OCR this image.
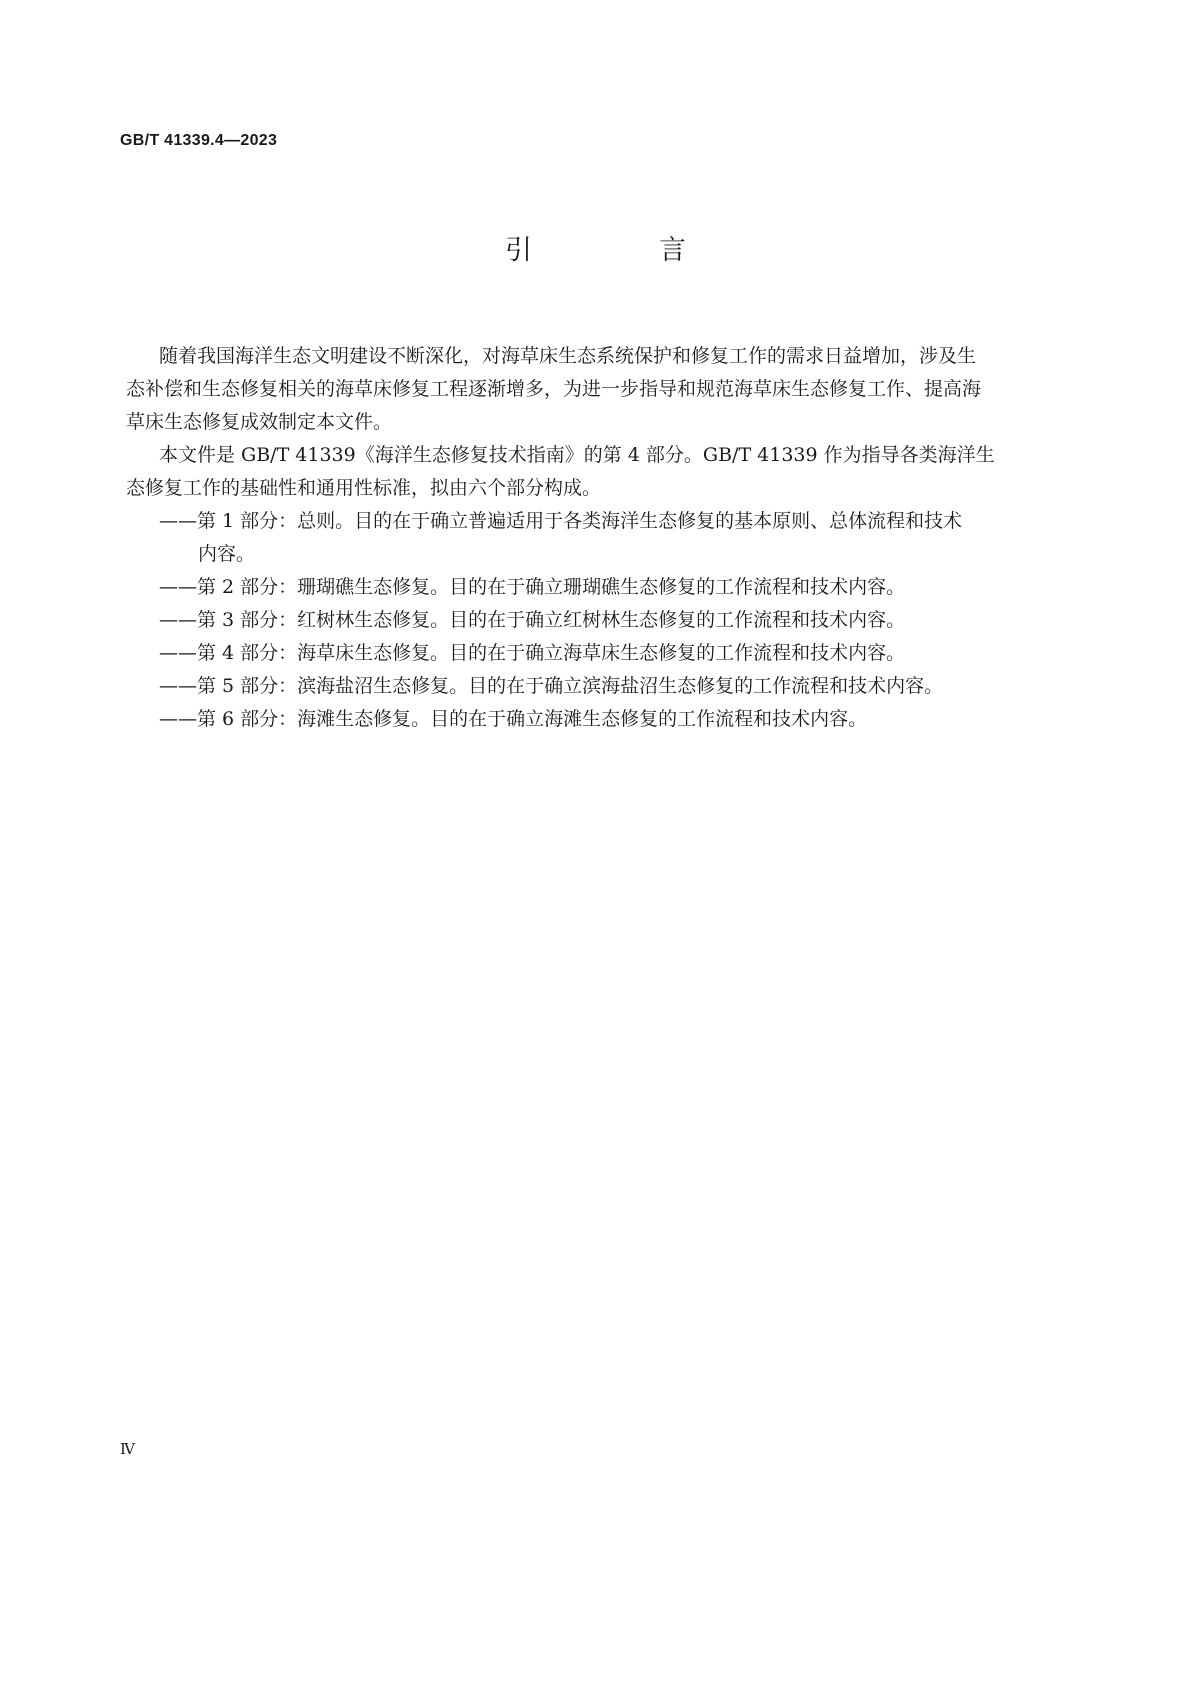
GB/T 41339.4—2023
引　言
随着我国海洋生态文明建设不断深化，对海草床生态系统保护和修复工作的需求日益增加，涉及生
态补偿和生态修复相关的海草床修复工程逐渐增多，为进一步指导和规范海草床生态修复工作、提高海
草床生态修复成效制定本文件。
本文件是 GB/T 41339《海洋生态修复技术指南》的第 4 部分。GB/T 41339 作为指导各类海洋生
态修复工作的基础性和通用性标准，拟由六个部分构成。
——第 1 部分：总则。目的在于确立普遍适用于各类海洋生态修复的基本原则、总体流程和技术
内容。
——第 2 部分：珊瑚礁生态修复。目的在于确立珊瑚礁生态修复的工作流程和技术内容。
——第 3 部分：红树林生态修复。目的在于确立红树林生态修复的工作流程和技术内容。
——第 4 部分：海草床生态修复。目的在于确立海草床生态修复的工作流程和技术内容。
——第 5 部分：滨海盐沼生态修复。目的在于确立滨海盐沼生态修复的工作流程和技术内容。
——第 6 部分：海滩生态修复。目的在于确立海滩生态修复的工作流程和技术内容。
Ⅳ
